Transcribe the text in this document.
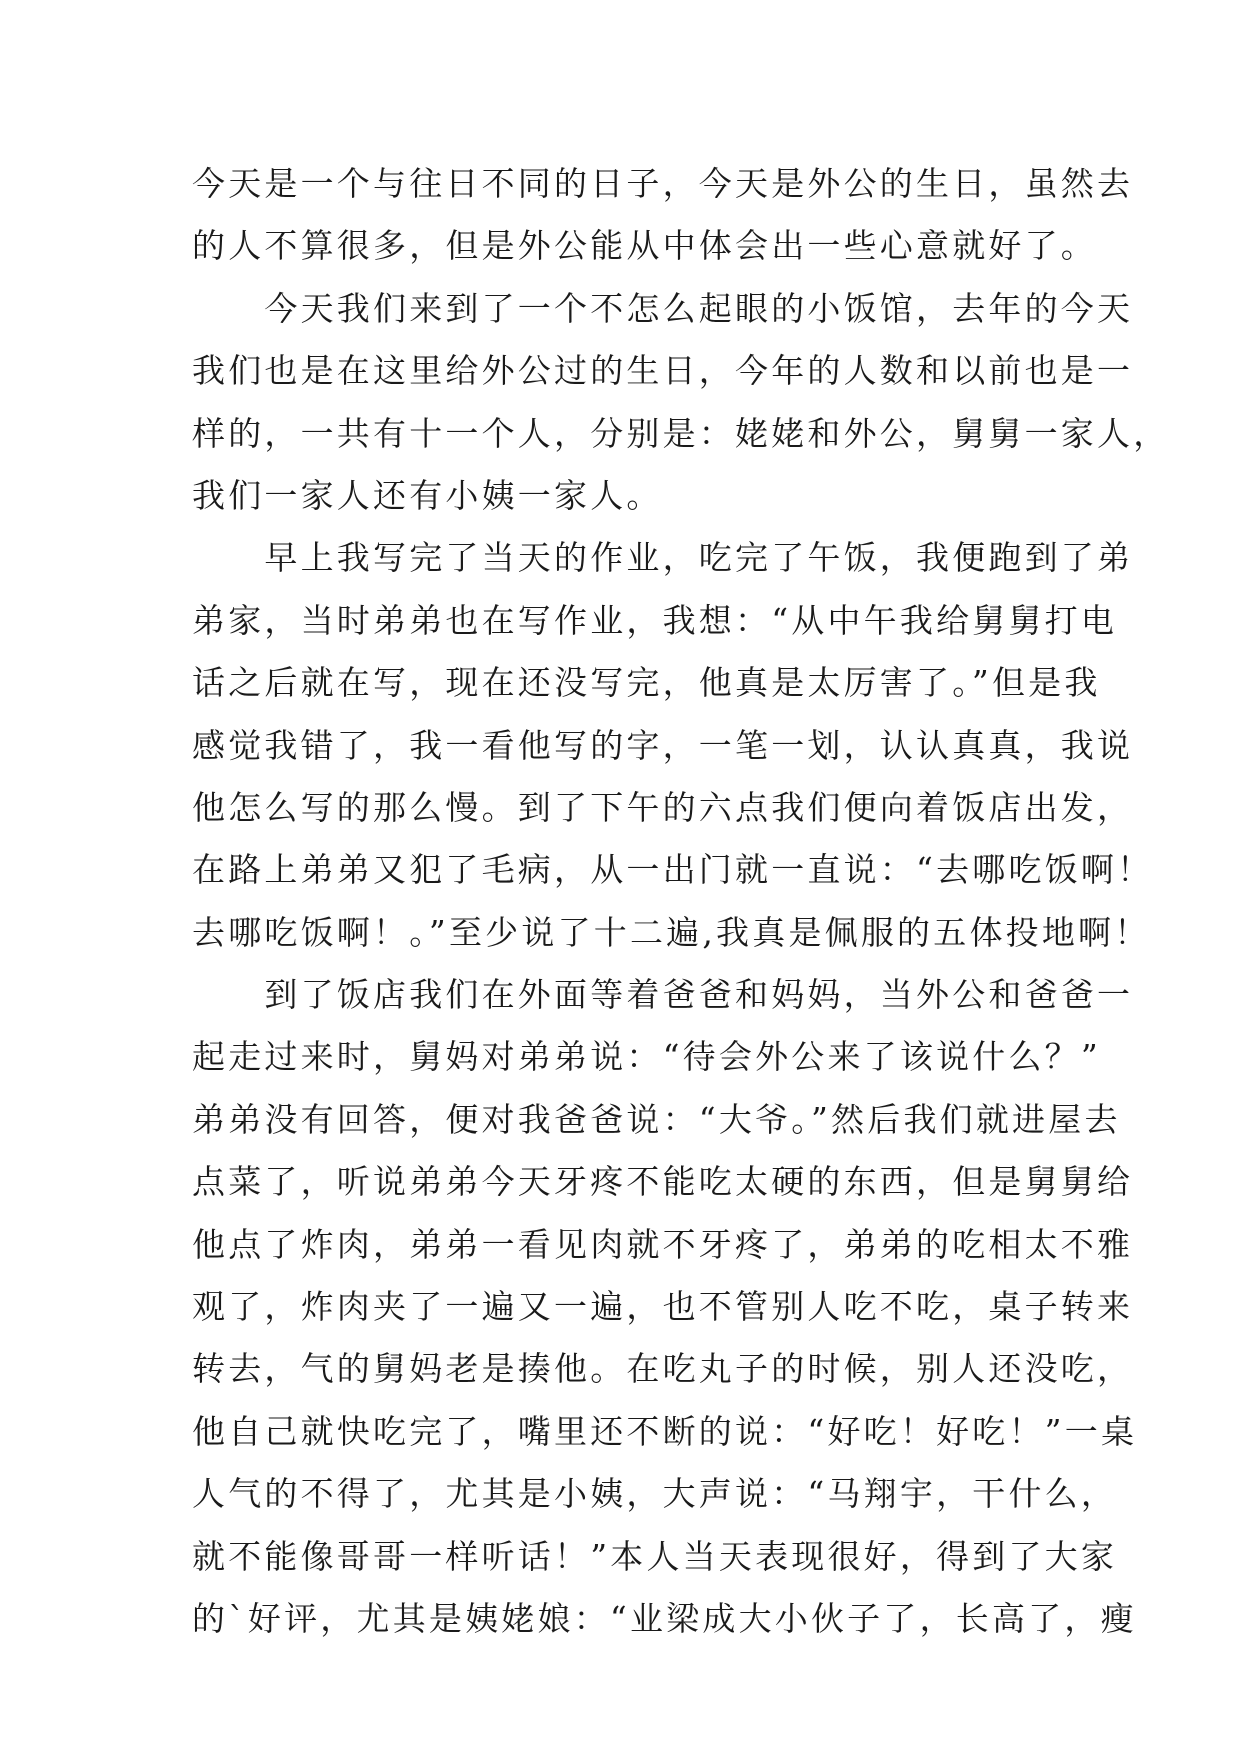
今天是一个与往日不同的日子，今天是外公的生日，虽然去
的人不算很多，但是外公能从中体会出一些心意就好了。
　　今天我们来到了一个不怎么起眼的小饭馆，去年的今天
我们也是在这里给外公过的生日，今年的人数和以前也是一
样的，一共有十一个人，分别是：姥姥和外公，舅舅一家人，
我们一家人还有小姨一家人。
　　早上我写完了当天的作业，吃完了午饭，我便跑到了弟
弟家，当时弟弟也在写作业，我想：“从中午我给舅舅打电
话之后就在写，现在还没写完，他真是太厉害了。”但是我
感觉我错了，我一看他写的字，一笔一划，认认真真，我说
他怎么写的那么慢。到了下午的六点我们便向着饭店出发，
在路上弟弟又犯了毛病，从一出门就一直说：“去哪吃饭啊！
去哪吃饭啊！。”至少说了十二遍,我真是佩服的五体投地啊！
　　到了饭店我们在外面等着爸爸和妈妈，当外公和爸爸一
起走过来时，舅妈对弟弟说：“待会外公来了该说什么？”
弟弟没有回答，便对我爸爸说：“大爷。”然后我们就进屋去
点菜了，听说弟弟今天牙疼不能吃太硬的东西，但是舅舅给
他点了炸肉，弟弟一看见肉就不牙疼了，弟弟的吃相太不雅
观了，炸肉夹了一遍又一遍，也不管别人吃不吃，桌子转来
转去，气的舅妈老是揍他。在吃丸子的时候，别人还没吃，
他自己就快吃完了，嘴里还不断的说：“好吃！好吃！”一桌
人气的不得了，尤其是小姨，大声说：“马翔宇，干什么，
就不能像哥哥一样听话！”本人当天表现很好，得到了大家
的`好评，尤其是姨姥娘：“业梁成大小伙子了，长高了，瘦
